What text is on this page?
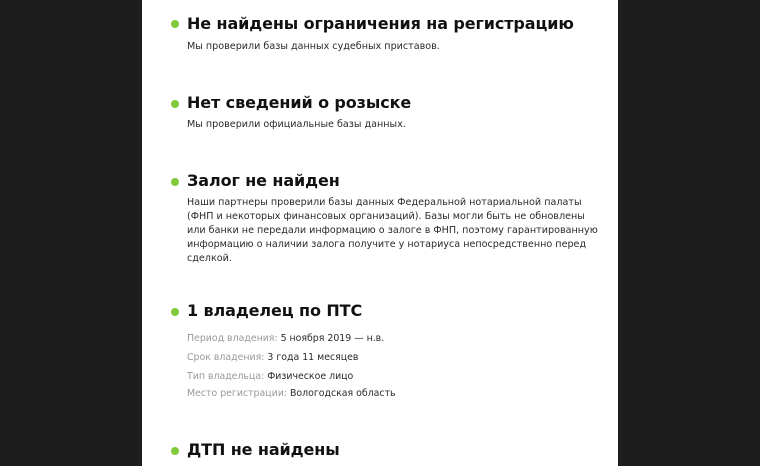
Не найдены ограничения на регистрацию

Мы проверили базы данных судебных приставов.

Нет сведений о розыске

Мы проверили официальные базы данных.

Залог не найден

Наши партнеры проверили базы данных Федеральной нотариальной палаты (ФНП и некоторых финансовых организаций). Базы могли быть не обновлены или банки не передали информацию о залоге в ФНП, поэтому гарантированную информацию о наличии залога получите у нотариуса непосредственно перед сделкой.

1 владелец по ПТС

Период владения: 5 ноября 2019 — н.в.

Срок владения: 3 года 11 месяцев

Тип владельца: Физическое лицо

Место регистрации: Вологодская область

ДТП не найдены
